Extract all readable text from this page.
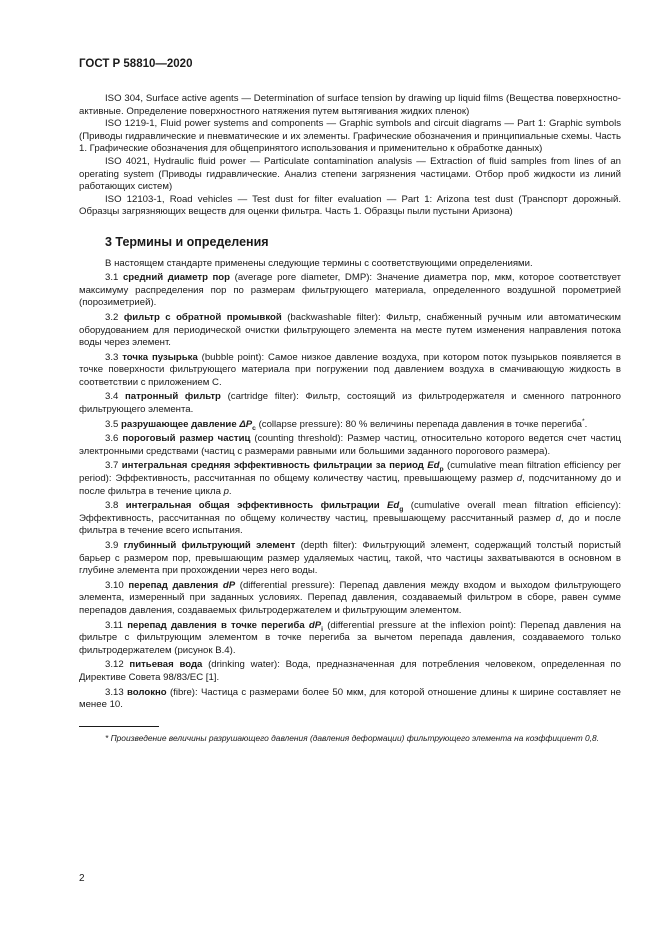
ГОСТ Р 58810—2020

ISO 304, Surface active agents — Determination of surface tension by drawing up liquid films (Вещества поверхностно-активные. Определение поверхностного натяжения путем вытягивания жидких пленок)

ISO 1219-1, Fluid power systems and components — Graphic symbols and circuit diagrams — Part 1: Graphic symbols (Приводы гидравлические и пневматические и их элементы. Графические обозначения и принципиальные схемы. Часть 1. Графические обозначения для общепринятого использования и применительно к обработке данных)

ISO 4021, Hydraulic fluid power — Particulate contamination analysis — Extraction of fluid samples from lines of an operating system (Приводы гидравлические. Анализ степени загрязнения частицами. Отбор проб жидкости из линий работающих систем)

ISO 12103-1, Road vehicles — Test dust for filter evaluation — Part 1: Arizona test dust (Транспорт дорожный. Образцы загрязняющих веществ для оценки фильтра. Часть 1. Образцы пыли пустыни Аризона)

3 Термины и определения

В настоящем стандарте применены следующие термины с соответствующими определениями.

3.1 средний диаметр пор (average pore diameter, DMP): Значение диаметра пор, мкм, которое соответствует максимуму распределения пор по размерам фильтрующего материала, определенного воздушной порометрией (порозиметрией).

3.2 фильтр с обратной промывкой (backwashable filter): Фильтр, снабженный ручным или автоматическим оборудованием для периодической очистки фильтрующего элемента на месте путем изменения направления потока воды через элемент.

3.3 точка пузырька (bubble point): Самое низкое давление воздуха, при котором поток пузырьков появляется в точке поверхности фильтрующего материала при погружении под давлением воздуха в смачивающую жидкость в соответствии с приложением С.

3.4 патронный фильтр (cartridge filter): Фильтр, состоящий из фильтродержателя и сменного патронного фильтрующего элемента.

3.5 разрушающее давление $\Delta P_c$ (collapse pressure): 80 % величины перепада давления в точке перегиба*.

3.6 пороговый размер частиц (counting threshold): Размер частиц, относительно которого ведется счет частиц электронными средствами (частиц с размерами равными или большими заданного порогового размера).

3.7 интегральная средняя эффективность фильтрации за период $Ed_p$ (cumulative mean filtration efficiency per period): Эффективность, рассчитанная по общему количеству частиц, превышающему размер d, подсчитанному до и после фильтра в течение цикла p.

3.8 интегральная общая эффективность фильтрации $Ed_g$ (cumulative overall mean filtration efficiency): Эффективность, рассчитанная по общему количеству частиц, превышающему рассчитанный размер d, до и после фильтра в течение всего испытания.

3.9 глубинный фильтрующий элемент (depth filter): Фильтрующий элемент, содержащий толстый пористый барьер с размером пор, превышающим размер удаляемых частиц, такой, что частицы захватываются в основном в глубине элемента при прохождении через него воды.

3.10 перепад давления dP (differential pressure): Перепад давления между входом и выходом фильтрующего элемента, измеренный при заданных условиях. Перепад давления, создаваемый фильтром в сборе, равен сумме перепадов давления, создаваемых фильтродержателем и фильтрующим элементом.

3.11 перепад давления в точке перегиба $dP_i$ (differential pressure at the inflexion point): Перепад давления на фильтре с фильтрующим элементом в точке перегиба за вычетом перепада давления, создаваемого только фильтродержателем (рисунок В.4).

3.12 питьевая вода (drinking water): Вода, предназначенная для потребления человеком, определенная по Директиве Совета 98/83/ЕС [1].

3.13 волокно (fibre): Частица с размерами более 50 мкм, для которой отношение длины к ширине составляет не менее 10.

* Произведение величины разрушающего давления (давления деформации) фильтрующего элемента на коэффициент 0,8.

2
